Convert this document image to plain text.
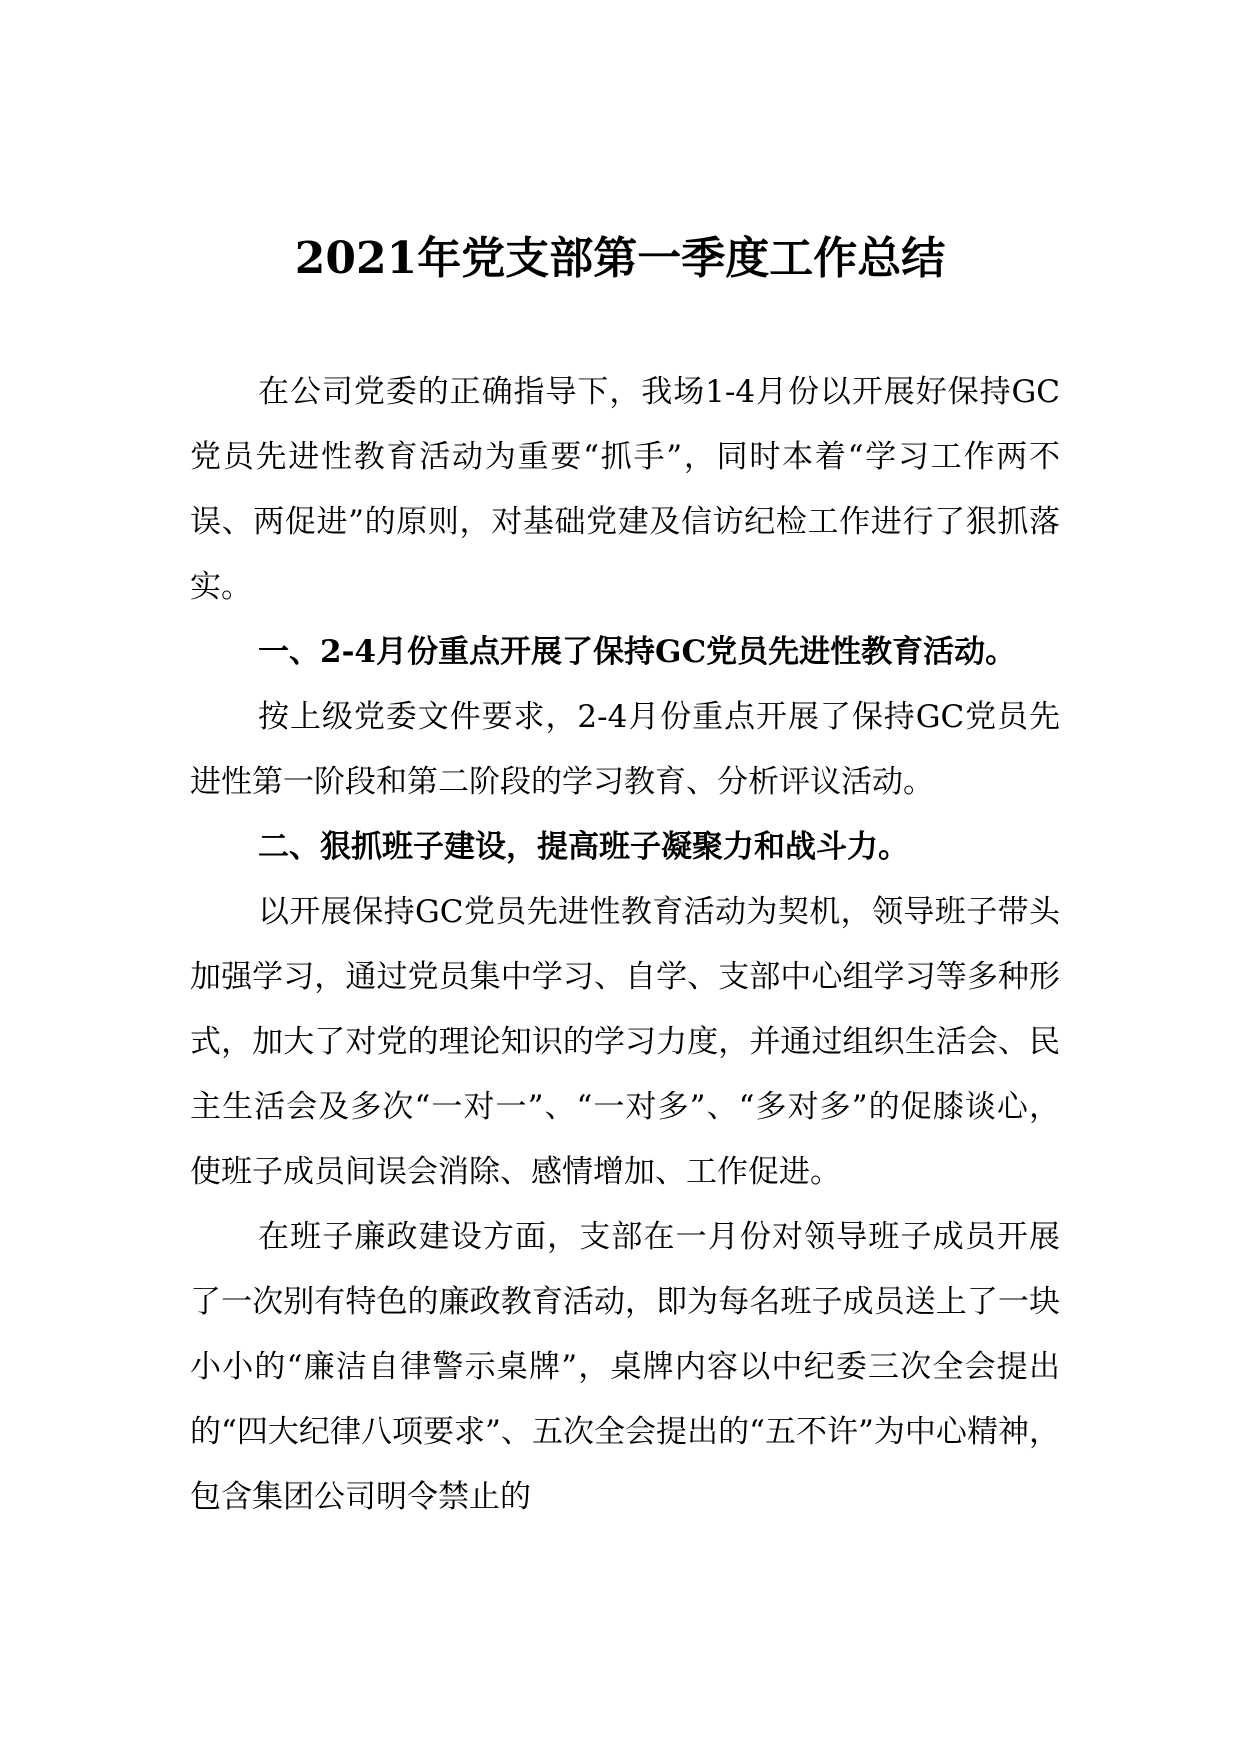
2021年党支部第一季度工作总结

在公司党委的正确指导下，我场1-4月份以开展好保持GC党员先进性教育活动为重要“抓手”，同时本着“学习工作两不误、两促进”的原则，对基础党建及信访纪检工作进行了狠抓落实。

一、2-4月份重点开展了保持GC党员先进性教育活动。

按上级党委文件要求，2-4月份重点开展了保持GC党员先进性第一阶段和第二阶段的学习教育、分析评议活动。

二、狠抓班子建设，提高班子凝聚力和战斗力。

以开展保持GC党员先进性教育活动为契机，领导班子带头加强学习，通过党员集中学习、自学、支部中心组学习等多种形式，加大了对党的理论知识的学习力度，并通过组织生活会、民主生活会及多次“一对一”、“一对多”、“多对多”的促膝谈心，使班子成员间误会消除、感情增加、工作促进。

在班子廉政建设方面，支部在一月份对领导班子成员开展了一次别有特色的廉政教育活动，即为每名班子成员送上了一块小小的“廉洁自律警示桌牌”，桌牌内容以中纪委三次全会提出的“四大纪律八项要求”、五次全会提出的“五不许”为中心精神，包含集团公司明令禁止的
